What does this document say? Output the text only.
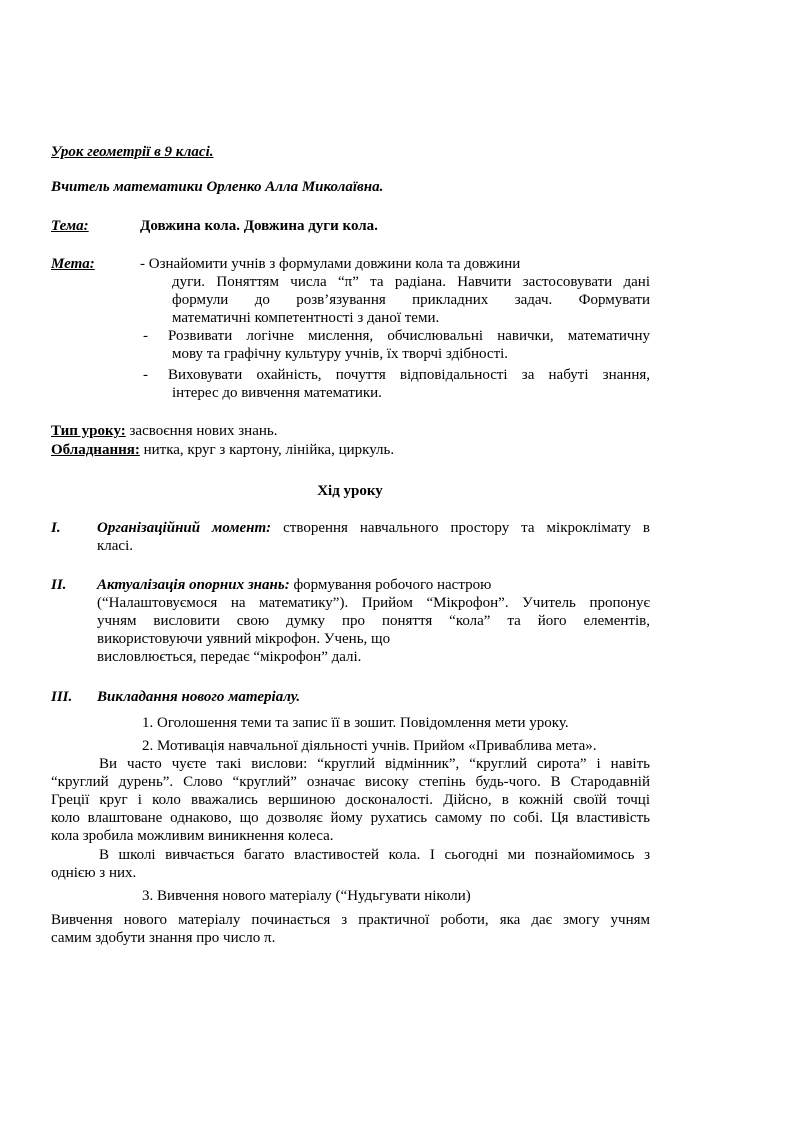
Урок геометрії в 9 класі.
Вчитель математики Орленко Алла Миколаївна.
Тема:	Довжина кола. Довжина дуги кола.
Мета:	- Ознайомити учнів з формулами довжини кола та довжини
дуги. Поняттям числа “π” та радіана. Навчити застосовувати дані
формули до розв’язування прикладних задач. Формувати
математичні компетентності з даної теми.
- Розвивати логічне мислення, обчислювальні навички, математичну
мову та графічну культуру учнів, їх творчі здібності.
- Виховувати охайність, почуття відповідальності за набуті знання,
інтерес до вивчення математики.
Тип уроку: засвоєння нових знань.
Обладнання: нитка, круг з картону, лінійка, циркуль.
Хід уроку
I. Організаційний момент: створення навчального простору та мікроклімату в
класі.
II. Актуалізація опорних знань: формування робочого настрою
(“Налаштовуємося на математику”). Прийом “Мікрофон”. Учитель пропонує
учням висловити свою думку про поняття “кола” та його елементів,
використовуючи уявний мікрофон. Учень, що
висловлюється, передає “мікрофон” далі.
III. Викладання нового матеріалу.
1. Оголошення теми та запис її в зошит. Повідомлення мети уроку.
2. Мотивація навчальної діяльності учнів. Прийом «Приваблива мета».
Ви часто чуєте такі вислови: “круглий відмінник”, “круглий сирота” і навіть
“круглий дурень”. Слово “круглий” означає високу степінь будь-чого. В Стародавній
Греції круг і коло вважались вершиною досконалості. Дійсно, в кожній своїй точці
коло влаштоване однаково, що дозволяє йому рухатись самому по собі. Ця властивість
кола зробила можливим виникнення колеса.
В школі вивчається багато властивостей кола. І сьогодні ми познайомимось з
однією з них.
3. Вивчення нового матеріалу (“Нудьгувати ніколи)
Вивчення нового матеріалу починається з практичної роботи, яка дає змогу учням
самим здобути знання про число π.
